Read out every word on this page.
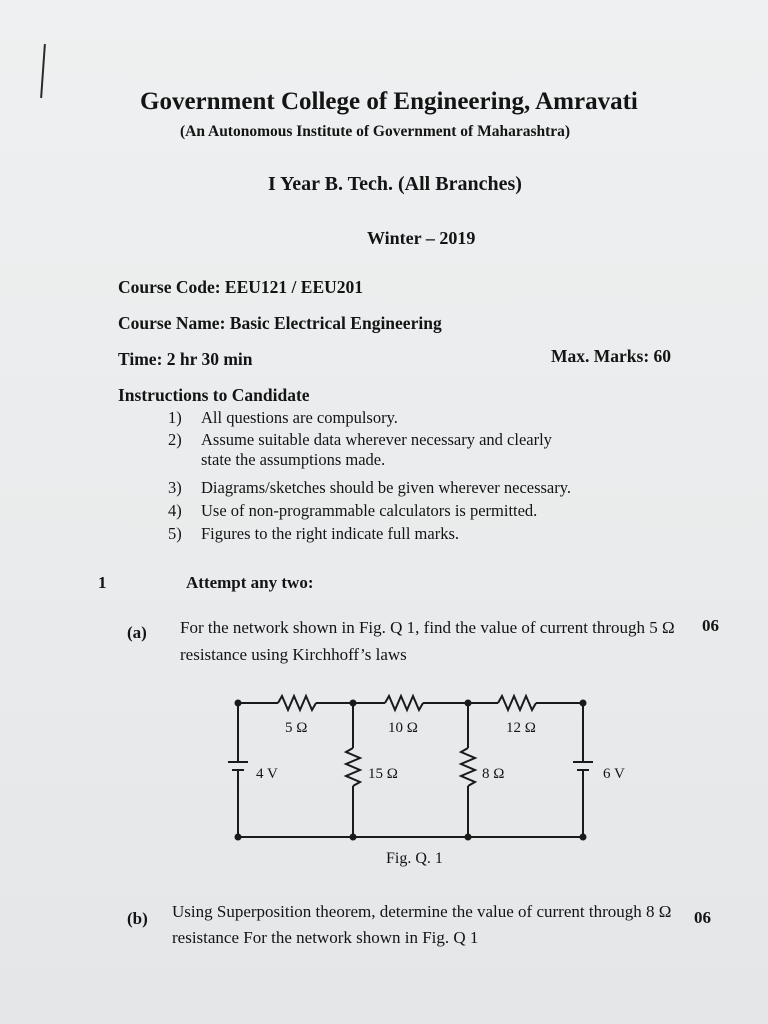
Government College of Engineering, Amravati
(An Autonomous Institute of Government of Maharashtra)
I Year B. Tech. (All Branches)
Winter – 2019
Course Code: EEU121 / EEU201
Course Name: Basic Electrical Engineering
Time: 2 hr 30 min	Max. Marks: 60
Instructions to Candidate
1) All questions are compulsory.
2) Assume suitable data wherever necessary and clearly
state the assumptions made.
3) Diagrams/sketches should be given wherever necessary.
4) Use of non-programmable calculators is permitted.
5) Figures to the right indicate full marks.
1	Attempt any two:
(a) For the network shown in Fig. Q 1, find the value of current through 5 Ω resistance using Kirchhoff’s laws
06
5 Ω	10 Ω	12 Ω
4 V	15 Ω	8 Ω	6 V
Fig. Q. 1
(b) Using Superposition theorem, determine the value of current through 8 Ω resistance For the network shown in Fig. Q 1
06
